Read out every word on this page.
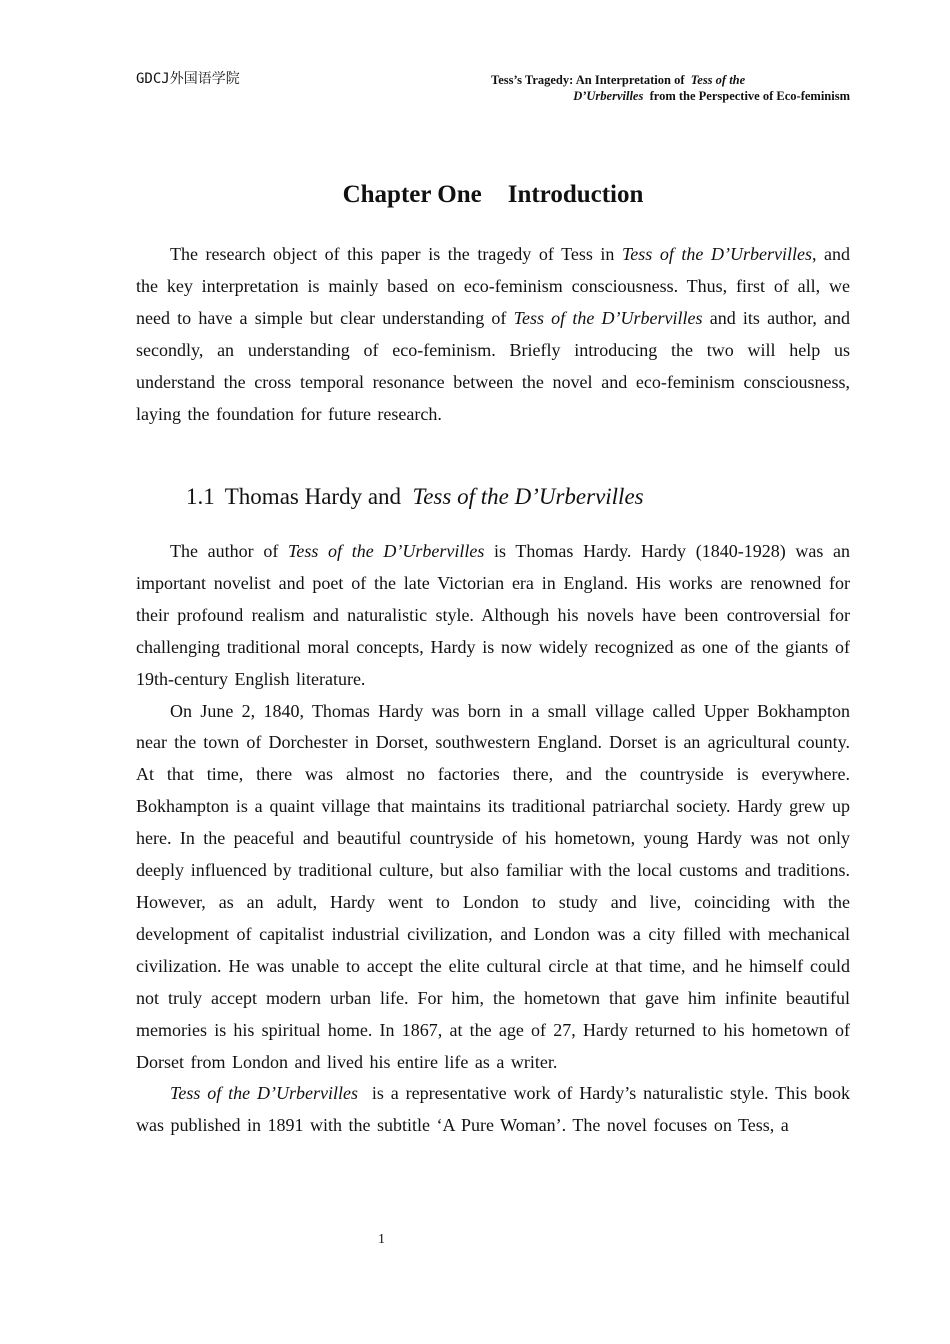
GDCJ外国语学院	Tess’s Tragedy: An Interpretation of Tess of the
D’Urbervilles from the Perspective of Eco-feminism
Chapter One Introduction

The research object of this paper is the tragedy of Tess in Tess of the D’Urbervilles, and the key interpretation is mainly based on eco-feminism consciousness. Thus, first of all, we need to have a simple but clear understanding of Tess of the D’Urbervilles and its author, and secondly, an understanding of eco-feminism. Briefly introducing the two will help us understand the cross temporal resonance between the novel and eco-feminism consciousness, laying the foundation for future research.

1.1 Thomas Hardy and Tess of the D’Urbervilles

The author of Tess of the D’Urbervilles is Thomas Hardy. Hardy (1840-1928) was an important novelist and poet of the late Victorian era in England. His works are renowned for their profound realism and naturalistic style. Although his novels have been controversial for challenging traditional moral concepts, Hardy is now widely recognized as one of the giants of 19th-century English literature.

On June 2, 1840, Thomas Hardy was born in a small village called Upper Bokhampton near the town of Dorchester in Dorset, southwestern England. Dorset is an agricultural county. At that time, there was almost no factories there, and the countryside is everywhere. Bokhampton is a quaint village that maintains its traditional patriarchal society. Hardy grew up here. In the peaceful and beautiful countryside of his hometown, young Hardy was not only deeply influenced by traditional culture, but also familiar with the local customs and traditions. However, as an adult, Hardy went to London to study and live, coinciding with the development of capitalist industrial civilization, and London was a city filled with mechanical civilization. He was unable to accept the elite cultural circle at that time, and he himself could not truly accept modern urban life. For him, the hometown that gave him infinite beautiful memories is his spiritual home. In 1867, at the age of 27, Hardy returned to his hometown of Dorset from London and lived his entire life as a writer.

Tess of the D’Urbervilles is a representative work of Hardy’s naturalistic style. This book was published in 1891 with the subtitle ‘A Pure Woman’. The novel focuses on Tess, a

1
